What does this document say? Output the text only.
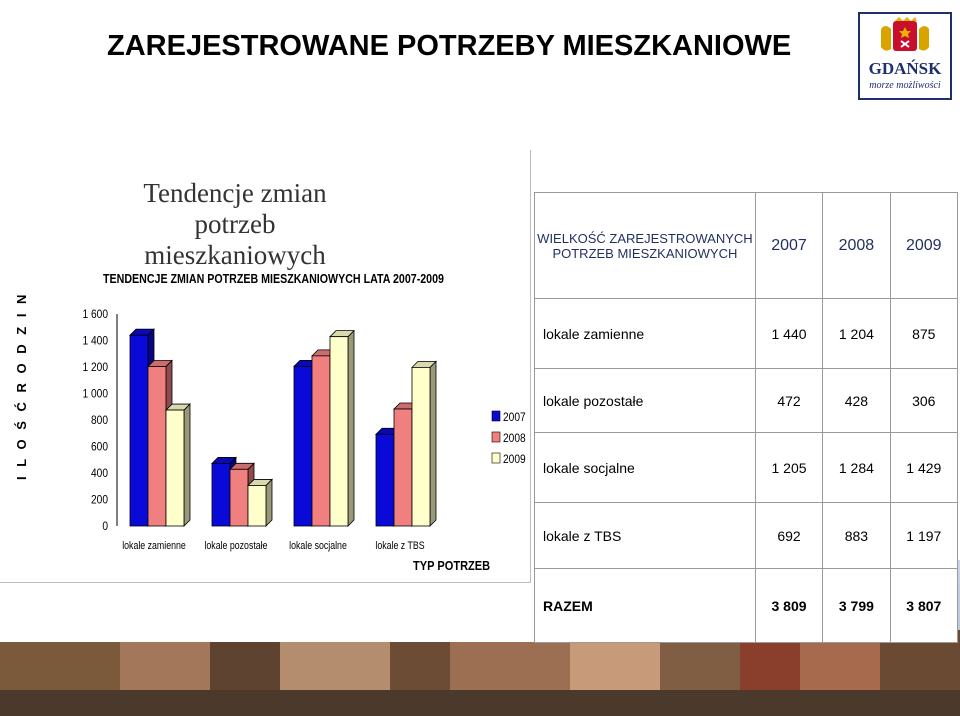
ZAREJESTROWANE POTRZEBY MIESZKANIOWE
GDAŃSK
morze możliwości
Tendencje zmian potrzeb
mieszkaniowych
TENDENCJE ZMIAN POTRZEB MIESZKANIOWYCH LATA 2007-2009
I L O Ś Ć R O D Z I N
TYP POTRZEB
0
200
400
600
800
1 000
1 200
1 400
1 600
lokale zamienne lokale pozostałe lokale socjalne	lokale z TBS
2007
2008
2009
WIELKOŚĆ ZAREJESTROWANYCH POTRZEB MIESZKANIOWYCH	2007	2008	2009
lokale zamienne	1 440	1 204	875
lokale pozostałe	472	428	306
lokale socjalne	1 205	1 284	1 429
lokale z TBS	692	883	1 197
RAZEM	3 809	3 799	3 807
